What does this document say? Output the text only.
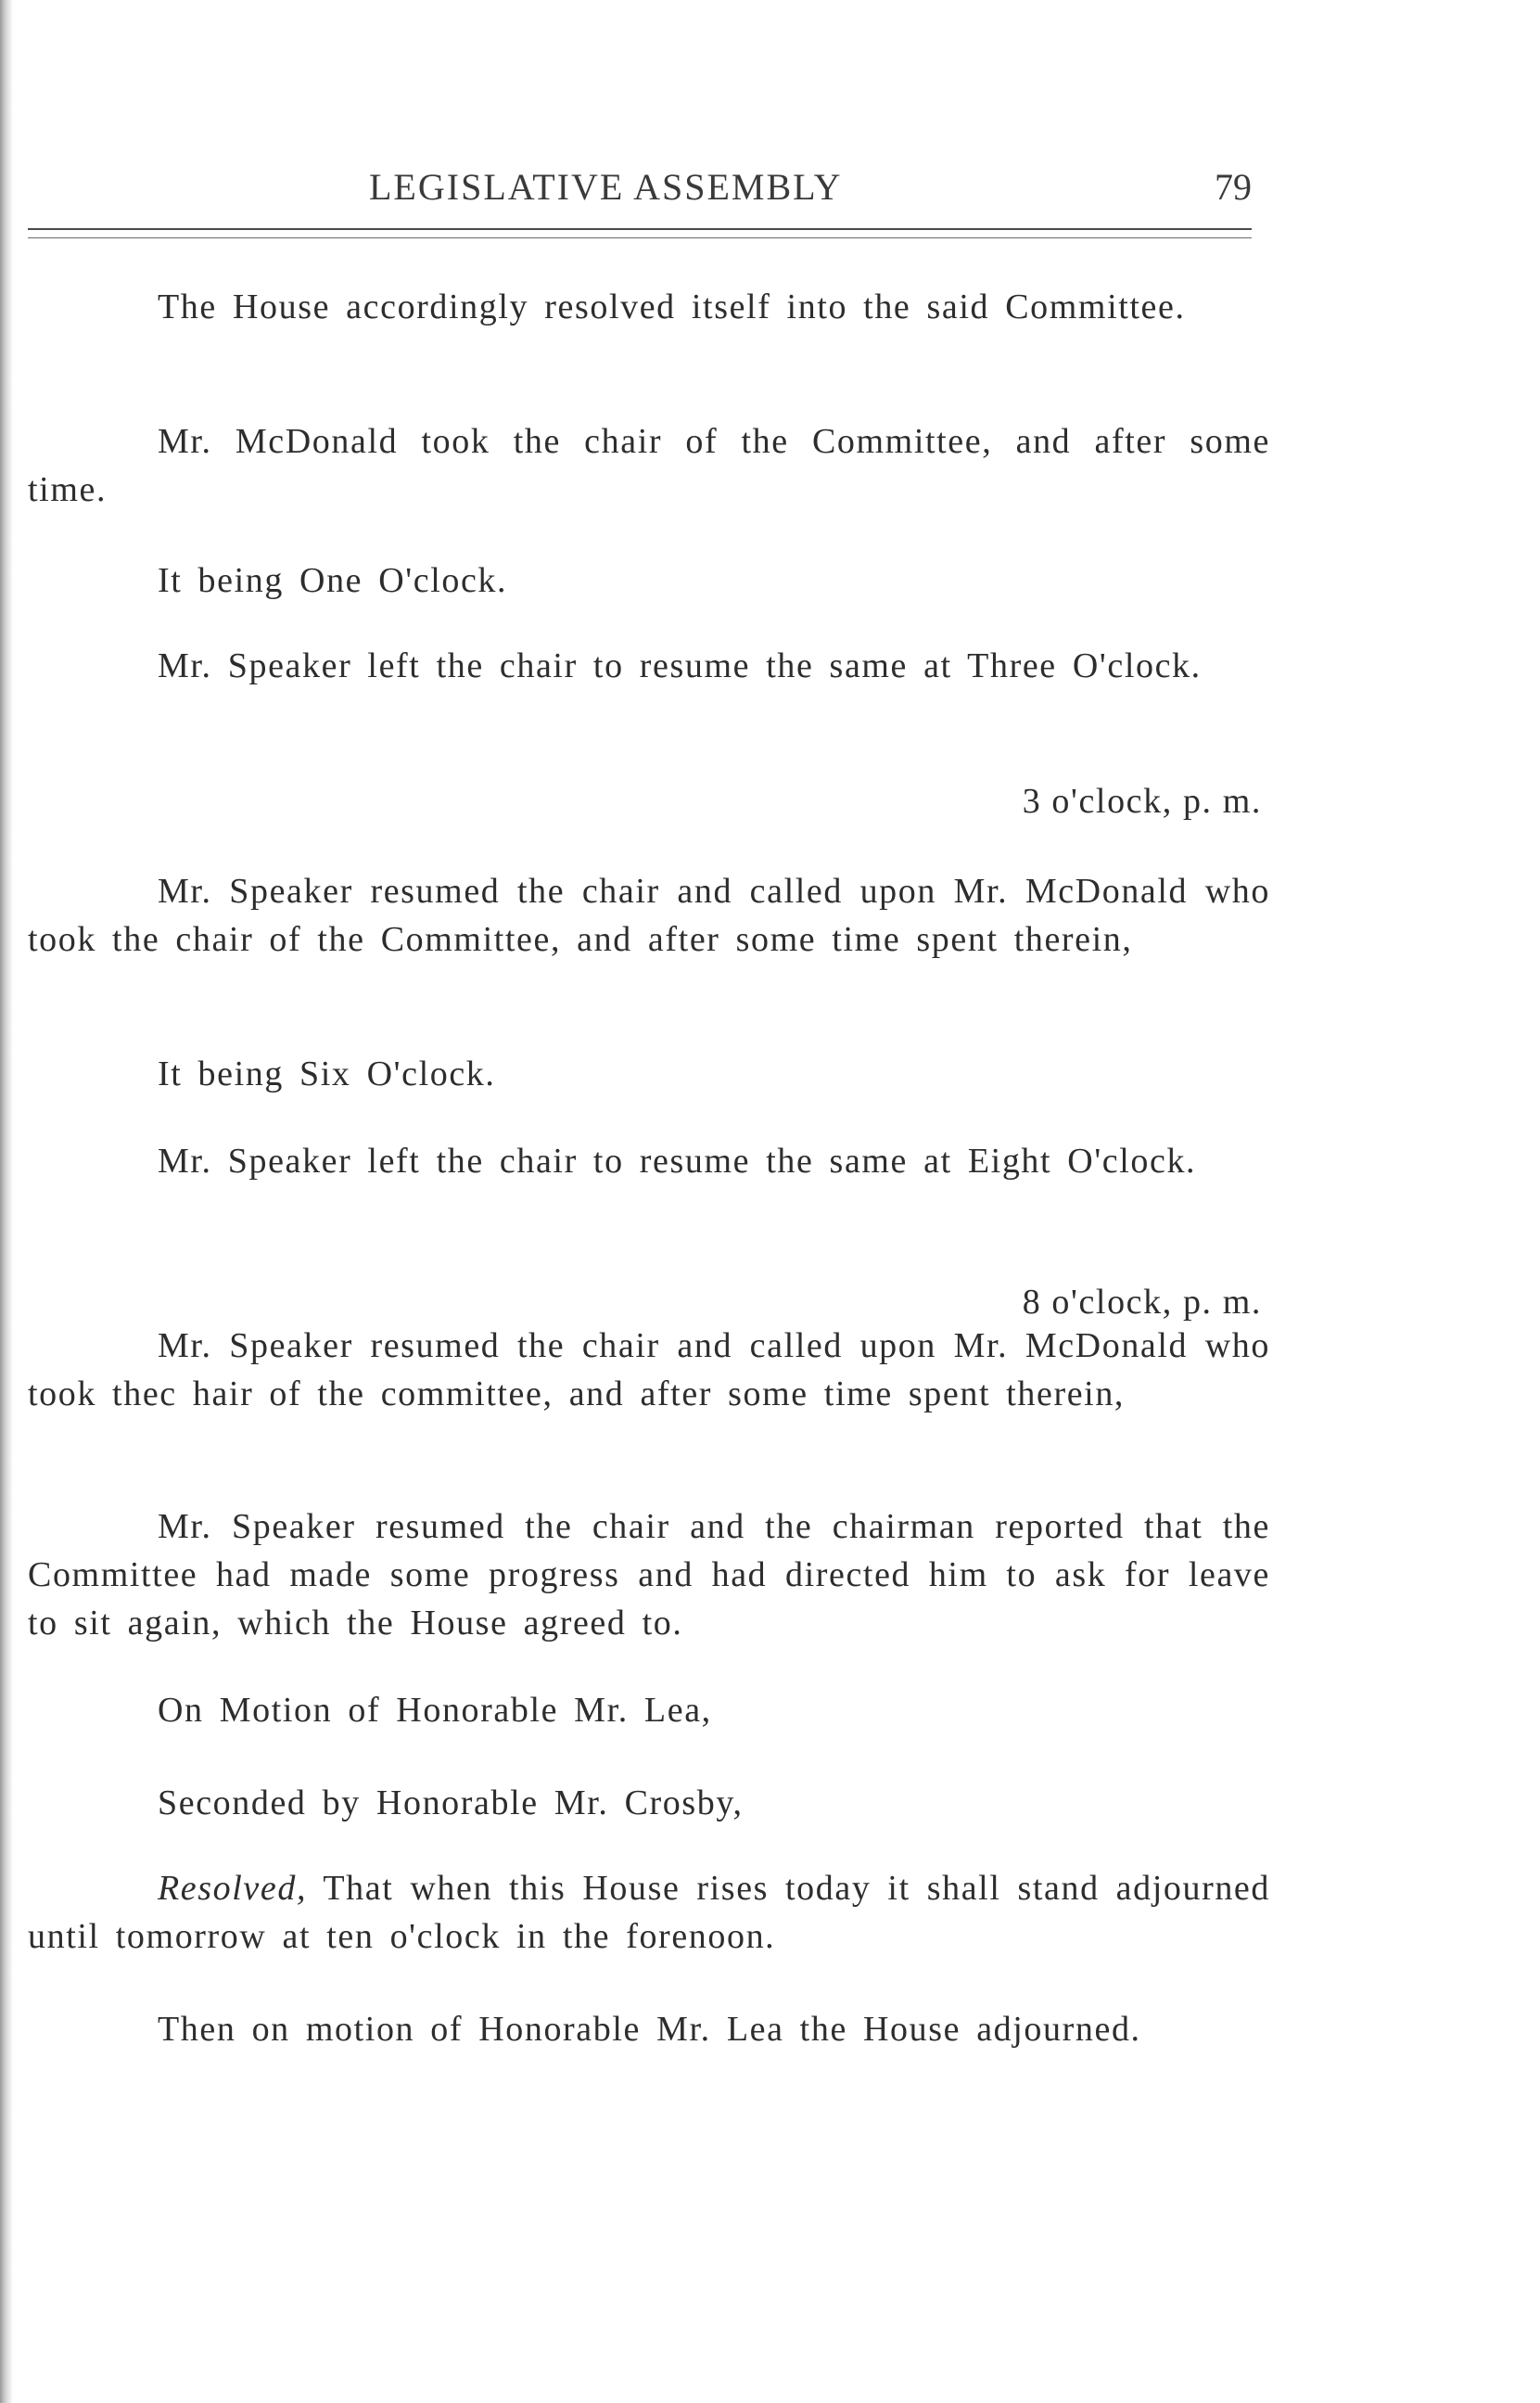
LEGISLATIVE ASSEMBLY	79

The House accordingly resolved itself into the said Committee.

Mr. McDonald took the chair of the Committee, and after some time.

It being One O'clock.

Mr. Speaker left the chair to resume the same at Three O'clock.

3 o'clock, p. m.

Mr. Speaker resumed the chair and called upon Mr. McDonald who took the chair of the Committee, and after some time spent therein,

It being Six O'clock.

Mr. Speaker left the chair to resume the same at Eight O'clock.

8 o'clock, p. m.

Mr. Speaker resumed the chair and called upon Mr. McDonald who took thec hair of the committee, and after some time spent therein,

Mr. Speaker resumed the chair and the chairman reported that the Committee had made some progress and had directed him to ask for leave to sit again, which the House agreed to.

On Motion of Honorable Mr. Lea,

Seconded by Honorable Mr. Crosby,

Resolved, That when this House rises today it shall stand adjourned until tomorrow at ten o'clock in the forenoon.

Then on motion of Honorable Mr. Lea the House adjourned.
